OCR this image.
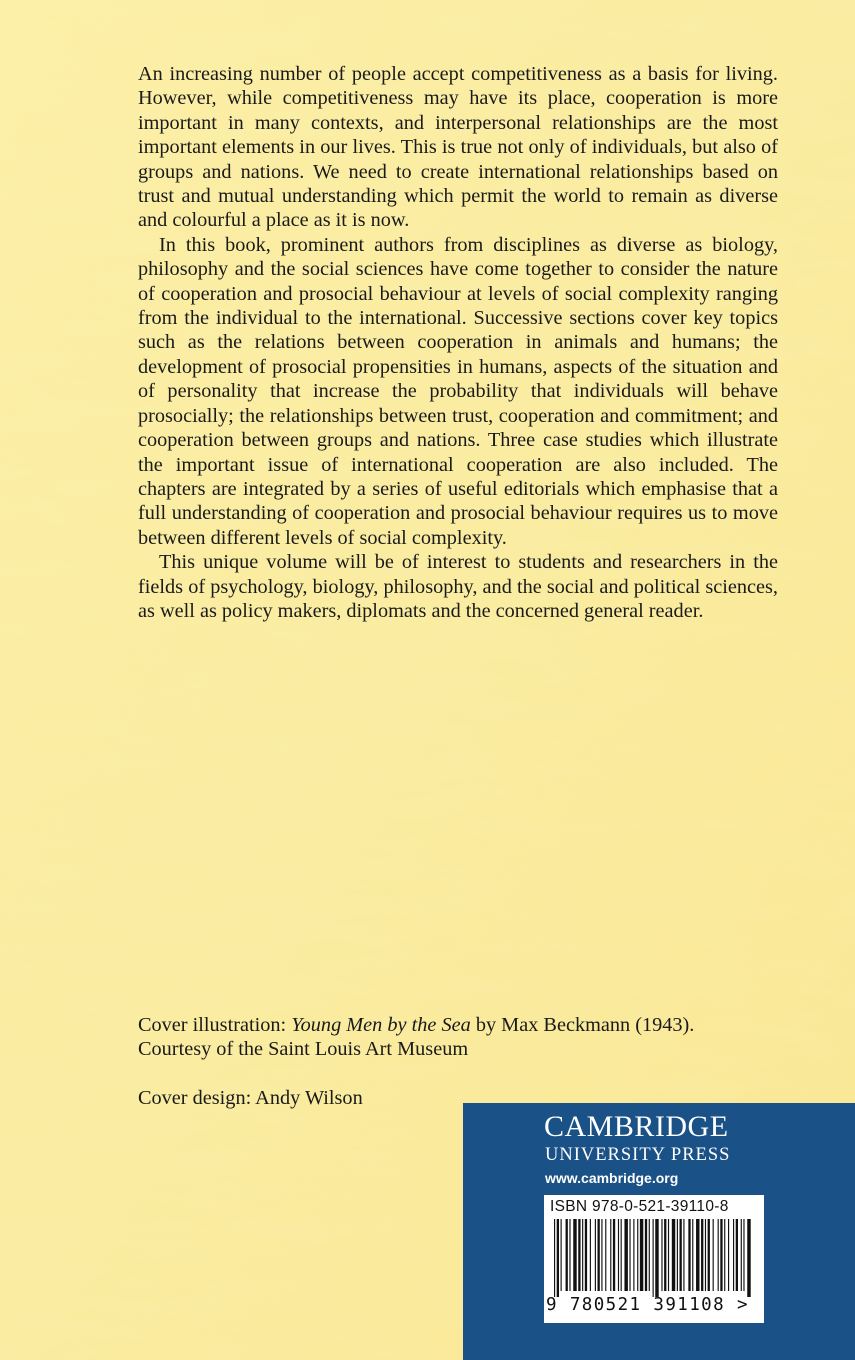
An increasing number of people accept competitiveness as a basis for living. However, while competitiveness may have its place, cooperation is more important in many contexts, and interpersonal relationships are the most important elements in our lives. This is true not only of individuals, but also of groups and nations. We need to create international relationships based on trust and mutual understanding which permit the world to remain as diverse and colourful a place as it is now.

In this book, prominent authors from disciplines as diverse as biology, philosophy and the social sciences have come together to consider the nature of cooperation and prosocial behaviour at levels of social complexity ranging from the individual to the international. Successive sections cover key topics such as the relations between cooperation in animals and humans; the development of prosocial propensities in humans, aspects of the situation and of personality that increase the probability that individuals will behave prosocially; the relationships between trust, cooperation and commitment; and cooperation between groups and nations. Three case studies which illustrate the important issue of international cooperation are also included. The chapters are integrated by a series of useful editorials which emphasise that a full understanding of cooperation and prosocial behaviour requires us to move between different levels of social complexity.

This unique volume will be of interest to students and researchers in the fields of psychology, biology, philosophy, and the social and political sciences, as well as policy makers, diplomats and the concerned general reader.

Cover illustration: Young Men by the Sea by Max Beckmann (1943).
Courtesy of the Saint Louis Art Museum
Cover design: Andy Wilson
CAMBRIDGE
UNIVERSITY PRESS
www.cambridge.org
ISBN 978-0-521-39110-8
9 780521 391108 >
